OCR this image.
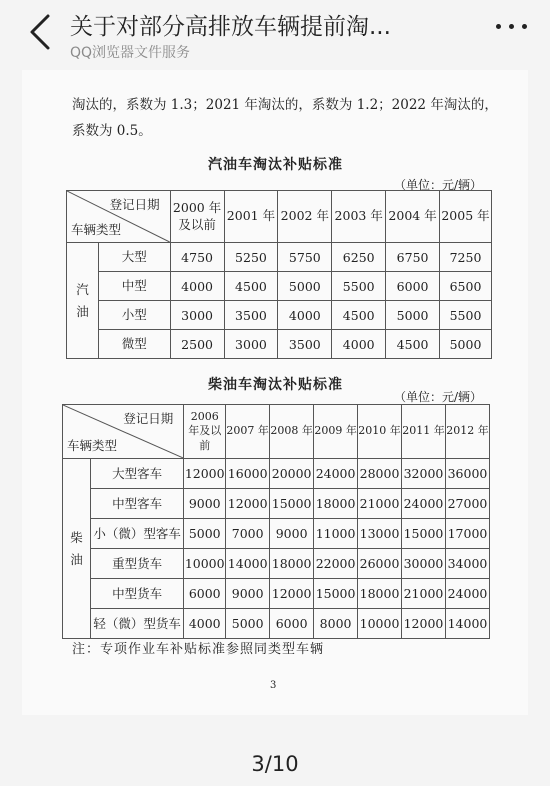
关于对部分高排放车辆提前淘...
QQ浏览器文件服务
淘汰的，系数为 1.3；2021 年淘汰的，系数为 1.2；2022 年淘汰的，系数为 0.5。
汽油车淘汰补贴标准
（单位：元/辆）
登记日期
车辆类型		2000 年及以前	2001 年	2002 年	2003 年	2004 年	2005 年
汽油	大型	4750	5250	5750	6250	6750	7250
	中型	4000	4500	5000	5500	6000	6500
	小型	3000	3500	4000	4500	5000	5500
	微型	2500	3000	3500	4000	4500	5000
柴油车淘汰补贴标准
（单位：元/辆）
登记日期
车辆类型		2006 年及以前	2007 年	2008 年	2009 年	2010 年	2011 年	2012 年
柴油	大型客车	12000	16000	20000	24000	28000	32000	36000
	中型客车	9000	12000	15000	18000	21000	24000	27000
	小（微）型客车	5000	7000	9000	11000	13000	15000	17000
	重型货车	10000	14000	18000	22000	26000	30000	34000
	中型货车	6000	9000	12000	15000	18000	21000	24000
	轻（微）型货车	4000	5000	6000	8000	10000	12000	14000
注：专项作业车补贴标准参照同类型车辆
3
3/10
